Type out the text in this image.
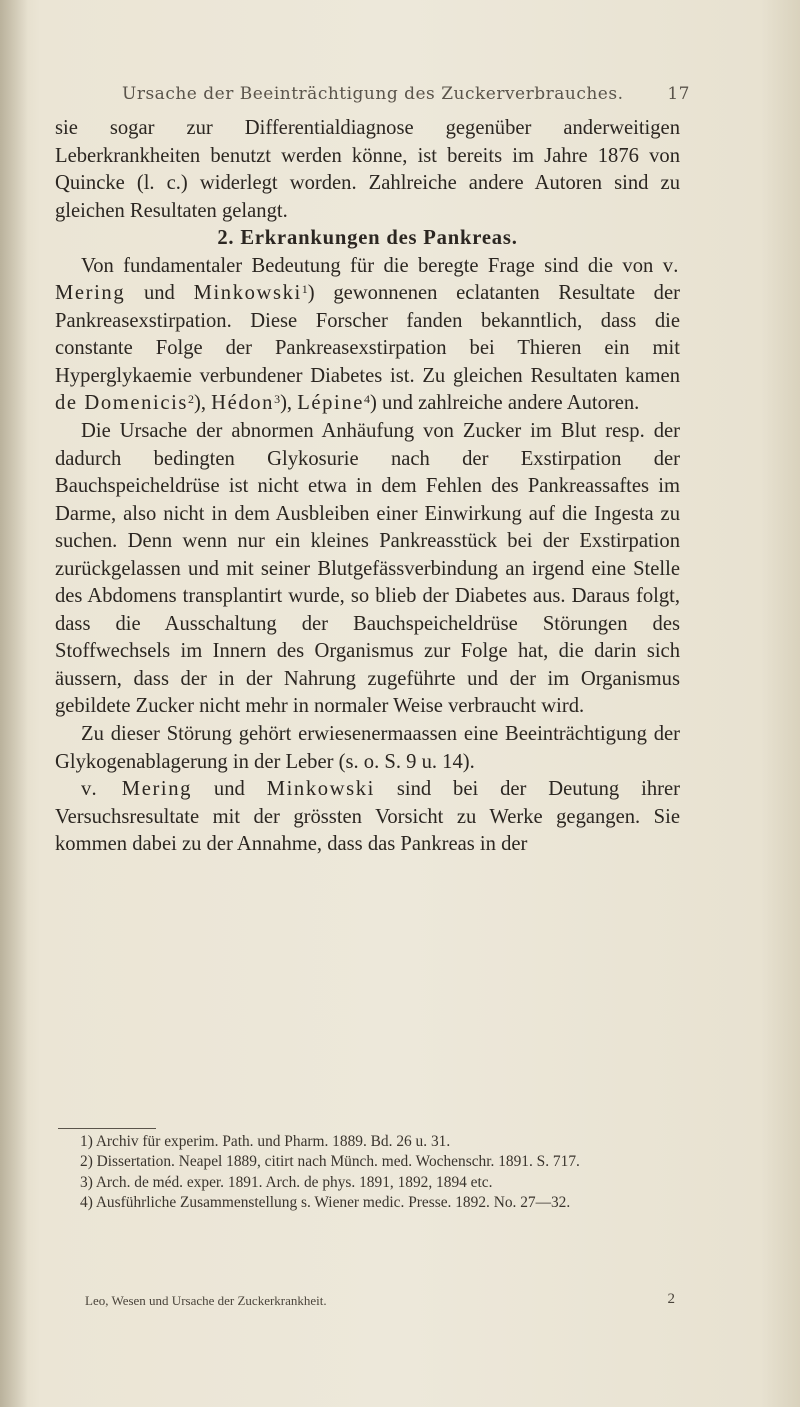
Ursache der Beeinträchtigung des Zuckerverbrauches.	17

sie sogar zur Differentialdiagnose gegenüber anderweitigen Leberkrankheiten benutzt werden könne, ist bereits im Jahre 1876 von Quincke (l. c.) widerlegt worden. Zahlreiche andere Autoren sind zu gleichen Resultaten gelangt.

2. Erkrankungen des Pankreas.

Von fundamentaler Bedeutung für die beregte Frage sind die von v. Mering und Minkowski$^1$) gewonnenen eclatanten Resultate der Pankreasexstirpation. Diese Forscher fanden bekanntlich, dass die constante Folge der Pankreasexstirpation bei Thieren ein mit Hyperglykaemie verbundener Diabetes ist. Zu gleichen Resultaten kamen de Domenicis$^2$), Hédon$^3$), Lépine$^4$) und zahlreiche andere Autoren.

Die Ursache der abnormen Anhäufung von Zucker im Blut resp. der dadurch bedingten Glykosurie nach der Exstirpation der Bauchspeicheldrüse ist nicht etwa in dem Fehlen des Pankreassaftes im Darme, also nicht in dem Ausbleiben einer Einwirkung auf die Ingesta zu suchen. Denn wenn nur ein kleines Pankreasstück bei der Exstirpation zurückgelassen und mit seiner Blutgefässverbindung an irgend eine Stelle des Abdomens transplantirt wurde, so blieb der Diabetes aus. Daraus folgt, dass die Ausschaltung der Bauchspeicheldrüse Störungen des Stoffwechsels im Innern des Organismus zur Folge hat, die darin sich äussern, dass der in der Nahrung zugeführte und der im Organismus gebildete Zucker nicht mehr in normaler Weise verbraucht wird.

Zu dieser Störung gehört erwiesenermaassen eine Beeinträchtigung der Glykogenablagerung in der Leber (s. o. S. 9 u. 14).

v. Mering und Minkowski sind bei der Deutung ihrer Versuchsresultate mit der grössten Vorsicht zu Werke gegangen. Sie kommen dabei zu der Annahme, dass das Pankreas in der

1) Archiv für experim. Path. und Pharm. 1889. Bd. 26 u. 31.

2) Dissertation. Neapel 1889, citirt nach Münch. med. Wochenschr. 1891. S. 717.

3) Arch. de méd. exper. 1891. Arch. de phys. 1891, 1892, 1894 etc.

4) Ausführliche Zusammenstellung s. Wiener medic. Presse. 1892. No. 27—32.

Leo, Wesen und Ursache der Zuckerkrankheit.	2
